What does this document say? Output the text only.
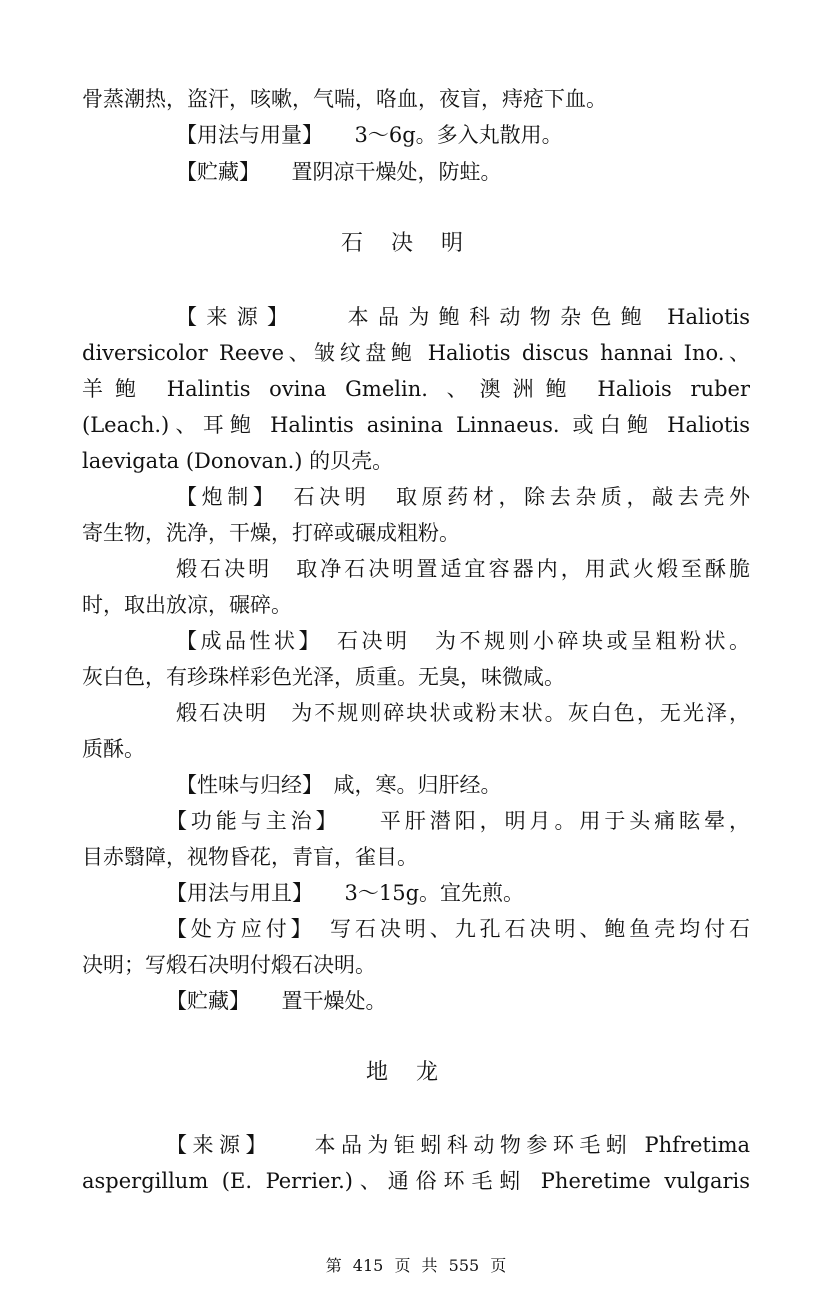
骨蒸潮热，盗汗，咳嗽，气喘，咯血，夜盲，痔疮下血。
【用法与用量】　　3～6g。多入丸散用。
【贮藏】　　置阴凉干燥处，防蛀。
石决明
【来源】　　本品为鲍科动物杂色鲍 Haliotis
diversicolor Reeve、皱纹盘鲍 Haliotis discus hannai Ino.、
羊鲍 Halintis ovina Gmelin. 、澳洲鲍 Haliois ruber
(Leach.)、耳鲍 Halintis asinina Linnaeus. 或白鲍 Haliotis
laevigata (Donovan.) 的贝壳。
【炮制】　石决明　取原药材，除去杂质，敲去壳外
寄生物，洗净，干燥，打碎或碾成粗粉。
煅石决明　取净石决明置适宜容器内，用武火煅至酥脆
时，取出放凉，碾碎。
【成品性状】　石决明　为不规则小碎块或呈粗粉状。
灰白色，有珍珠样彩色光泽，质重。无臭，味微咸。
煅石决明　为不规则碎块状或粉末状。灰白色，无光泽，
质酥。
【性味与归经】　咸，寒。归肝经。
【功能与主治】　　平肝潜阳，明月。用于头痛眩晕，
目赤翳障，视物昏花，青盲，雀目。
【用法与用且】　　3～15g。宜先煎。
【处方应付】　写石决明、九孔石决明、鲍鱼壳均付石
决明；写煅石决明付煅石决明。
【贮藏】　　置干燥处。
地龙
【来源】　　本品为钜蚓科动物参环毛蚓 Phfretima
aspergillum (E. Perrier.)、通俗环毛蚓 Pheretime vulgaris
第 415 页 共 555 页
